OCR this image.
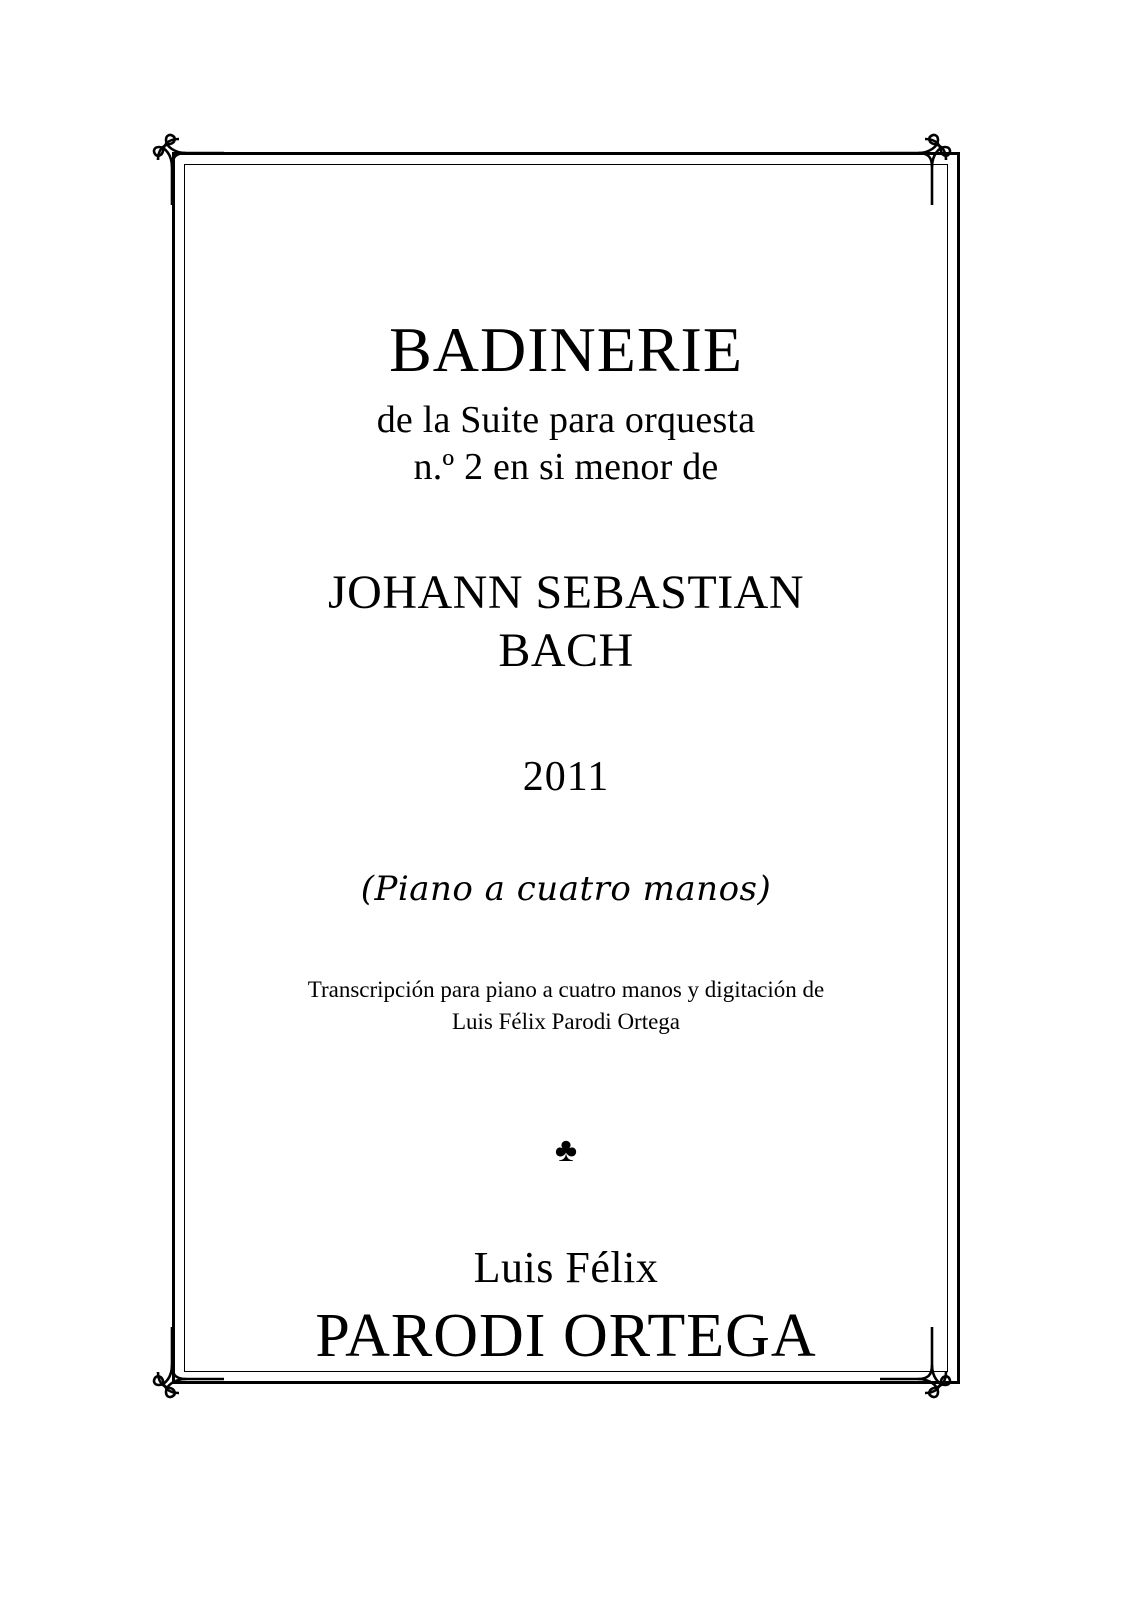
BADINERIE
de la Suite para orquesta
n.º 2 en si menor de
JOHANN SEBASTIAN
BACH
2011
(Piano a cuatro manos)
Transcripción para piano a cuatro manos y digitación de
Luis Félix Parodi Ortega
♣
Luis Félix
PARODI ORTEGA
